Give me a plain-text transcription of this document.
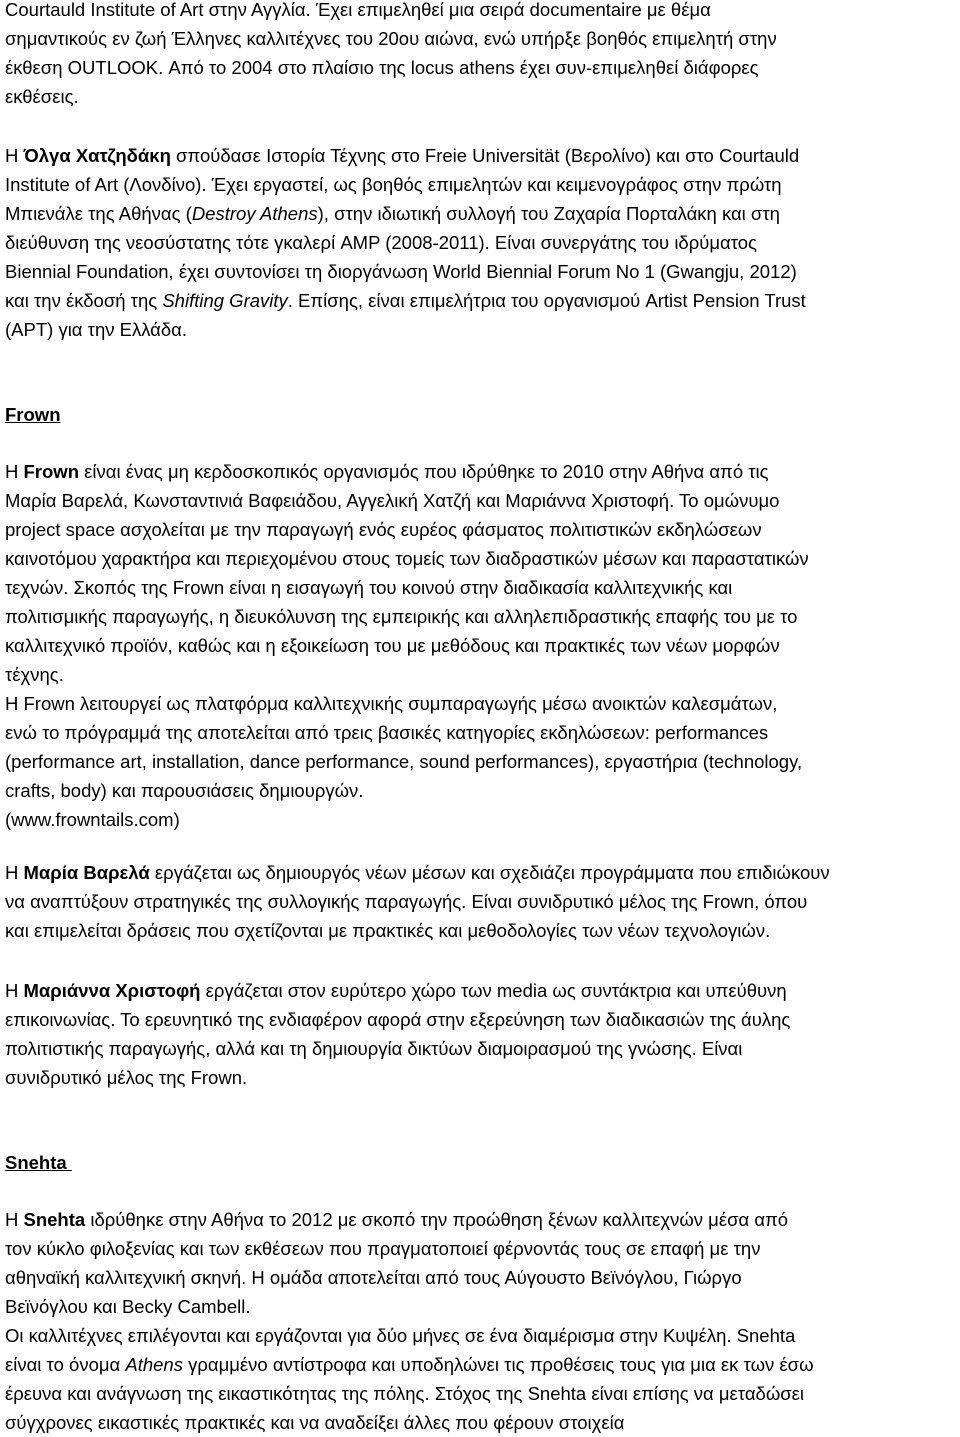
Courtauld Institute of Art στην Αγγλία. Έχει επιμεληθεί μια σειρά documentaire με θέμα
σημαντικούς εν ζωή Έλληνες καλλιτέχνες του 20ου αιώνα, ενώ υπήρξε βοηθός επιμελητή στην
έκθεση OUTLOOK. Από το 2004 στο πλαίσιο της locus athens έχει συν-επιμεληθεί διάφορες
εκθέσεις.
Η Όλγα Χατζηδάκη σπούδασε Ιστορία Τέχνης στο Freie Universität (Βερολίνο) και στο Courtauld
Institute of Art (Λονδίνο). Έχει εργαστεί, ως βοηθός επιμελητών και κειμενογράφος στην πρώτη
Μπιενάλε της Αθήνας (Destroy Athens), στην ιδιωτική συλλογή του Ζαχαρία Πορταλάκη και στη
διεύθυνση της νεοσύστατης τότε γκαλερί AMP (2008-2011). Είναι συνεργάτης του ιδρύματος
Biennial Foundation, έχει συντονίσει τη διοργάνωση World Biennial Forum No 1 (Gwangju, 2012)
και την έκδοσή της Shifting Gravity. Επίσης, είναι επιμελήτρια του οργανισμού Artist Pension Trust
(APT) για την Ελλάδα.
Frown
Η Frown είναι ένας μη κερδοσκοπικός οργανισμός που ιδρύθηκε το 2010 στην Αθήνα από τις
Μαρία Βαρελά, Κωνσταντινιά Βαφειάδου, Αγγελική Χατζή και Μαριάννα Χριστοφή. Το ομώνυμο
project space ασχολείται με την παραγωγή ενός ευρέος φάσματος πολιτιστικών εκδηλώσεων
καινοτόμου χαρακτήρα και περιεχομένου στους τομείς των διαδραστικών μέσων και παραστατικών
τεχνών. Σκοπός της Frown είναι η εισαγωγή του κοινού στην διαδικασία καλλιτεχνικής και
πολιτισμικής παραγωγής, η διευκόλυνση της εμπειρικής και αλληλεπιδραστικής επαφής του με το
καλλιτεχνικό προϊόν, καθώς και η εξοικείωση του με μεθόδους και πρακτικές των νέων μορφών
τέχνης.
Η Frown λειτουργεί ως πλατφόρμα καλλιτεχνικής συμπαραγωγής μέσω ανοικτών καλεσμάτων,
ενώ το πρόγραμμά της αποτελείται από τρεις βασικές κατηγορίες εκδηλώσεων: performances
(performance art, installation, dance performance, sound performances), εργαστήρια (technology,
crafts, body) και παρουσιάσεις δημιουργών.
(www.frowntails.com)
Η Μαρία Βαρελά εργάζεται ως δημιουργός νέων μέσων και σχεδιάζει προγράμματα που επιδιώκουν
να αναπτύξουν στρατηγικές της συλλογικής παραγωγής. Είναι συνιδρυτικό μέλος της Frown, όπου
και επιμελείται δράσεις που σχετίζονται με πρακτικές και μεθοδολογίες των νέων τεχνολογιών.
Η Μαριάννα Χριστοφή εργάζεται στον ευρύτερο χώρο των media ως συντάκτρια και υπεύθυνη
επικοινωνίας. Το ερευνητικό της ενδιαφέρον αφορά στην εξερεύνηση των διαδικασιών της άυλης
πολιτιστικής παραγωγής, αλλά και τη δημιουργία δικτύων διαμοιρασμού της γνώσης. Είναι
συνιδρυτικό μέλος της Frown.
Snehta
Η Snehta ιδρύθηκε στην Αθήνα το 2012 με σκοπό την προώθηση ξένων καλλιτεχνών μέσα από
τον κύκλο φιλοξενίας και των εκθέσεων που πραγματοποιεί φέρνοντάς τους σε επαφή με την
αθηναϊκή καλλιτεχνική σκηνή. Η ομάδα αποτελείται από τους Αύγουστο Βεϊνόγλου, Γιώργο
Βεϊνόγλου και Becky Cambell.
Οι καλλιτέχνες επιλέγονται και εργάζονται για δύο μήνες σε ένα διαμέρισμα στην Κυψέλη. Snehta
είναι το όνομα Athens γραμμένο αντίστροφα και υποδηλώνει τις προθέσεις τους για μια εκ των έσω
έρευνα και ανάγνωση της εικαστικότητας της πόλης. Στόχος της Snehta είναι επίσης να μεταδώσει
σύγχρονες εικαστικές πρακτικές και να αναδείξει άλλες που φέρουν στοιχεία
